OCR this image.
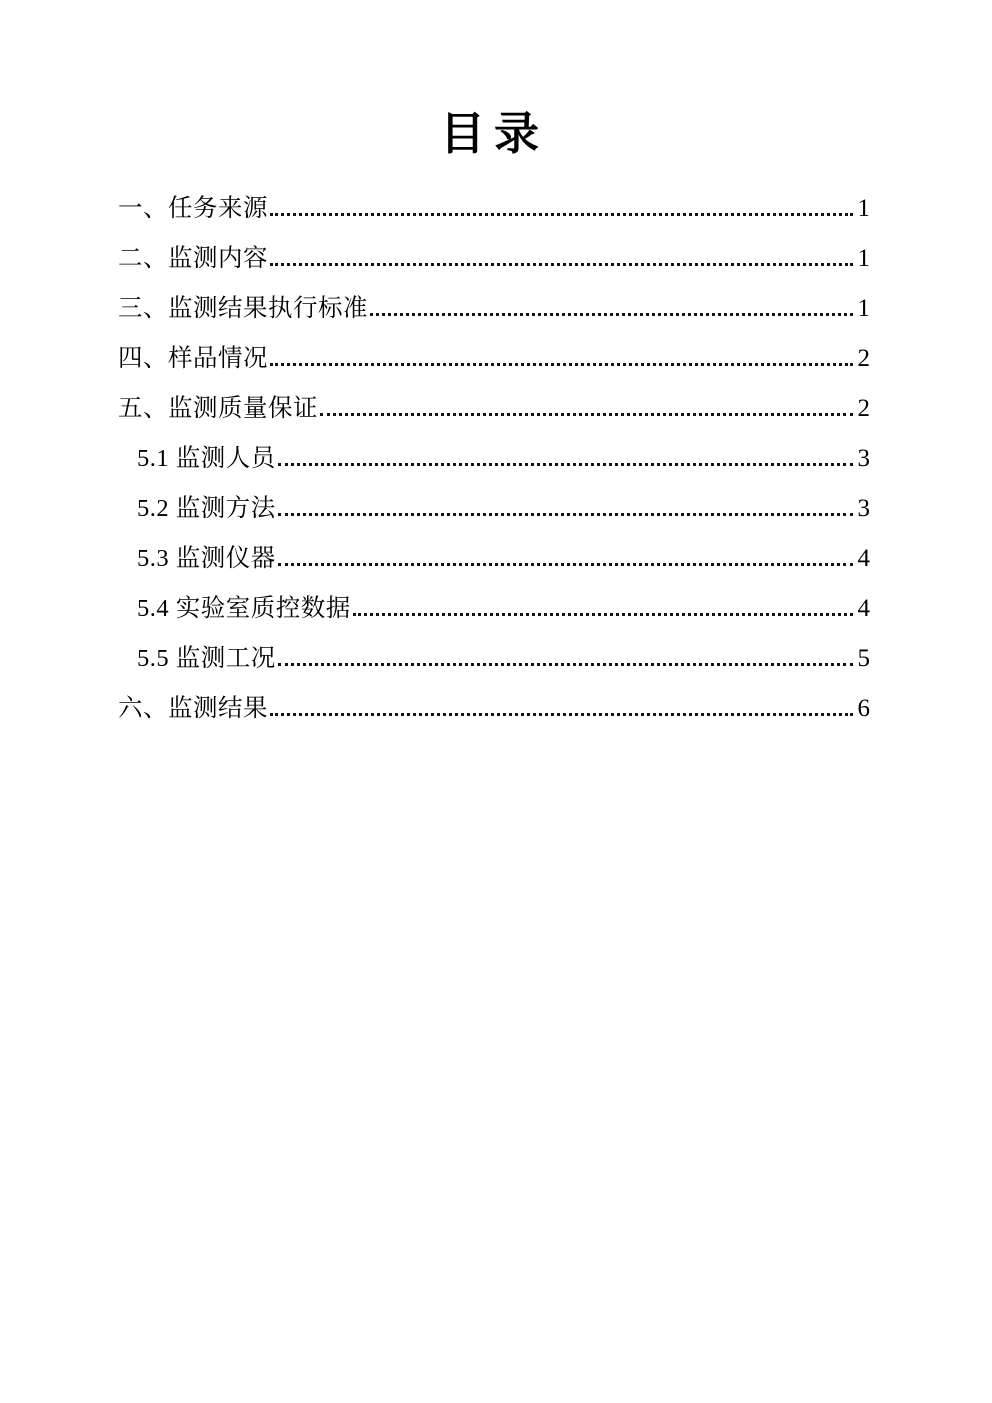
目录
一、任务来源	1
二、监测内容	1
三、监测结果执行标准	1
四、样品情况	2
五、监测质量保证	2
5.1 监测人员	3
5.2 监测方法	3
5.3 监测仪器	4
5.4 实验室质控数据	4
5.5 监测工况	5
六、监测结果	6
